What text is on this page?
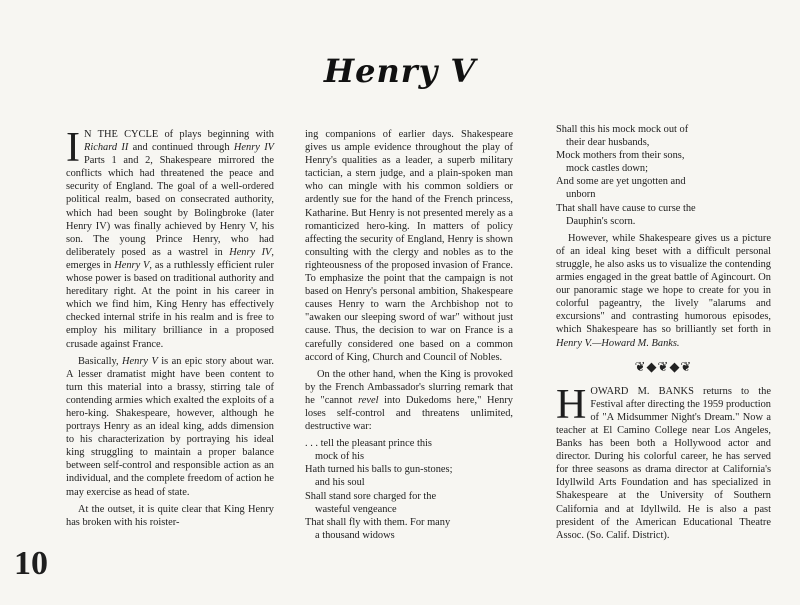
Henry V

I N THE CYCLE of plays beginning with Richard II and continued through Henry IV Parts 1 and 2, Shakespeare mirrored the conflicts which had threatened the peace and security of England. The goal of a well-ordered political realm, based on consecrated authority, which had been sought by Bolingbroke (later Henry IV) was finally achieved by Henry V, his son. The young Prince Henry, who had deliberately posed as a wastrel in Henry IV, emerges in Henry V, as a ruthlessly efficient ruler whose power is based on traditional authority and hereditary right. At the point in his career in which we find him, King Henry has effectively checked internal strife in his realm and is free to employ his military brilliance in a proposed crusade against France.

Basically, Henry V is an epic story about war. A lesser dramatist might have been content to turn this material into a brassy, stirring tale of contending armies which exalted the exploits of a hero-king. Shakespeare, however, although he portrays Henry as an ideal king, adds dimension to his characterization by portraying his ideal king struggling to maintain a proper balance between self-control and responsible action as an individual, and the complete freedom of action he may exercise as head of state.

At the outset, it is quite clear that King Henry has broken with his roister-

ing companions of earlier days. Shakespeare gives us ample evidence throughout the play of Henry's qualities as a leader, a superb military tactician, a stern judge, and a plain-spoken man who can mingle with his common soldiers or ardently sue for the hand of the French princess, Katharine. But Henry is not presented merely as a romanticized hero-king. In matters of policy affecting the security of England, Henry is shown consulting with the clergy and nobles as to the righteousness of the proposed invasion of France. To emphasize the point that the campaign is not based on Henry's personal ambition, Shakespeare causes Henry to warn the Archbishop not to "awaken our sleeping sword of war" without just cause. Thus, the decision to war on France is a carefully considered one based on a common accord of King, Church and Council of Nobles.

On the other hand, when the King is provoked by the French Ambassador's slurring remark that he "cannot revel into Dukedoms here," Henry loses self-control and threatens unlimited, destructive war:

. . . tell the pleasant prince this
mock of his
Hath turned his balls to gun-stones;
and his soul
Shall stand sore charged for the
wasteful vengeance
That shall fly with them. For many
a thousand widows
Shall this his mock mock out of
their dear husbands,
Mock mothers from their sons,
mock castles down;
And some are yet ungotten and
unborn
That shall have cause to curse the
Dauphin's scorn.

However, while Shakespeare gives us a picture of an ideal king beset with a difficult personal struggle, he also asks us to visualize the contending armies engaged in the great battle of Agincourt. On our panoramic stage we hope to create for you in colorful pageantry, the lively "alarums and excursions" and contrasting humorous episodes, which Shakespeare has so brilliantly set forth in Henry V.—Howard M. Banks.

❦◆❦◆❦

HOWARD M. BANKS returns to the Festival after directing the 1959 production of "A Midsummer Night's Dream." Now a teacher at El Camino College near Los Angeles, Banks has been both a Hollywood actor and director. During his colorful career, he has served for three seasons as drama director at California's Idyllwild Arts Foundation and has specialized in Shakespeare at the University of Southern California and at Idyllwild. He is also a past president of the American Educational Theatre Assoc. (So. Calif. District).

10
